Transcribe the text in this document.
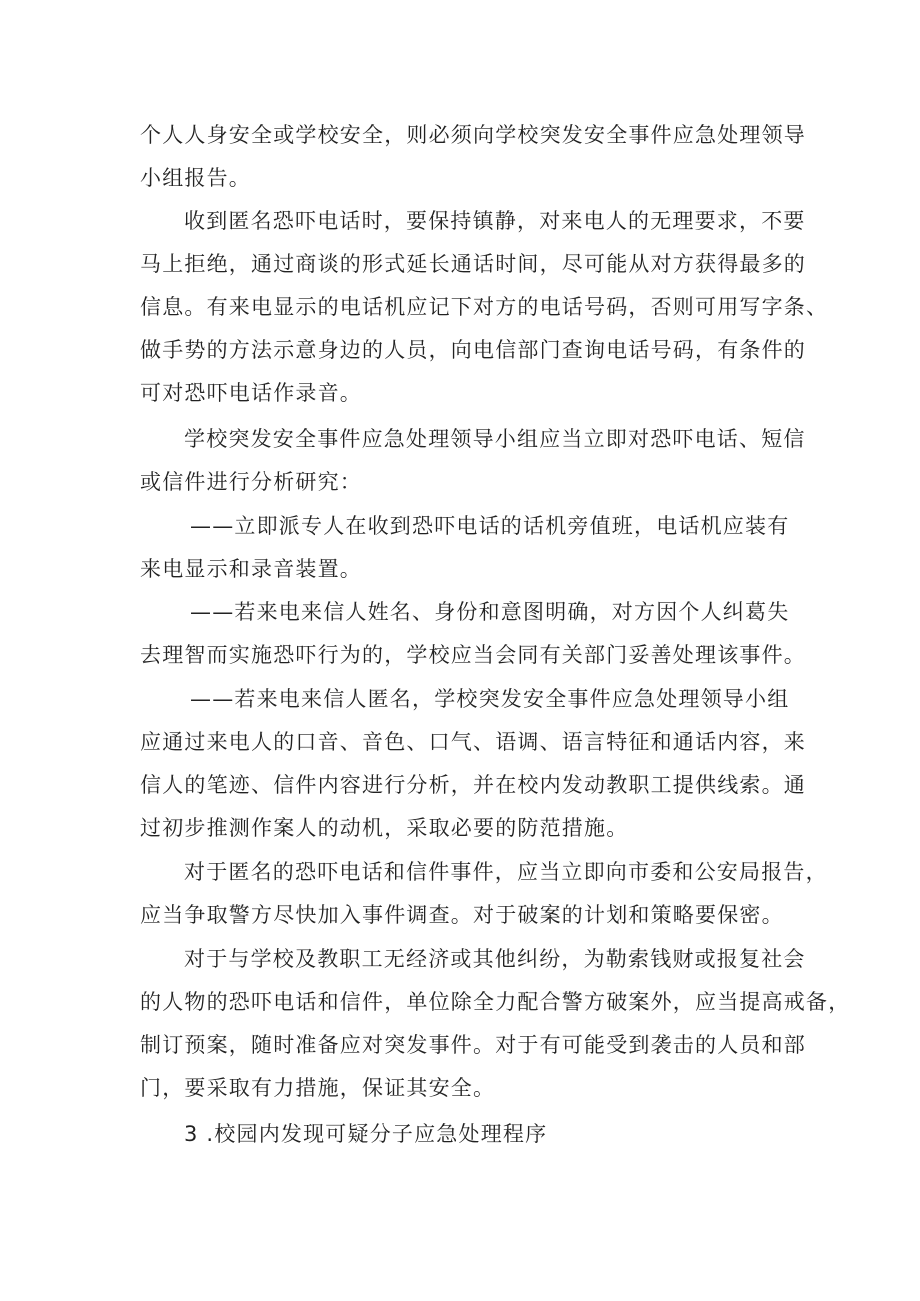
个人人身安全或学校安全，则必须向学校突发安全事件应急处理领导
小组报告。
收到匿名恐吓电话时，要保持镇静，对来电人的无理要求，不要
马上拒绝，通过商谈的形式延长通话时间，尽可能从对方获得最多的
信息。有来电显示的电话机应记下对方的电话号码，否则可用写字条、
做手势的方法示意身边的人员，向电信部门查询电话号码，有条件的
可对恐吓电话作录音。
学校突发安全事件应急处理领导小组应当立即对恐吓电话、短信
或信件进行分析研究：
——立即派专人在收到恐吓电话的话机旁值班，电话机应装有
来电显示和录音装置。
——若来电来信人姓名、身份和意图明确，对方因个人纠葛失
去理智而实施恐吓行为的，学校应当会同有关部门妥善处理该事件。
——若来电来信人匿名，学校突发安全事件应急处理领导小组
应通过来电人的口音、音色、口气、语调、语言特征和通话内容，来
信人的笔迹、信件内容进行分析，并在校内发动教职工提供线索。通
过初步推测作案人的动机，采取必要的防范措施。
对于匿名的恐吓电话和信件事件，应当立即向市委和公安局报告，
应当争取警方尽快加入事件调查。对于破案的计划和策略要保密。
对于与学校及教职工无经济或其他纠纷，为勒索钱财或报复社会
的人物的恐吓电话和信件，单位除全力配合警方破案外，应当提高戒备，
制订预案，随时准备应对突发事件。对于有可能受到袭击的人员和部
门，要采取有力措施，保证其安全。
3 .校园内发现可疑分子应急处理程序
